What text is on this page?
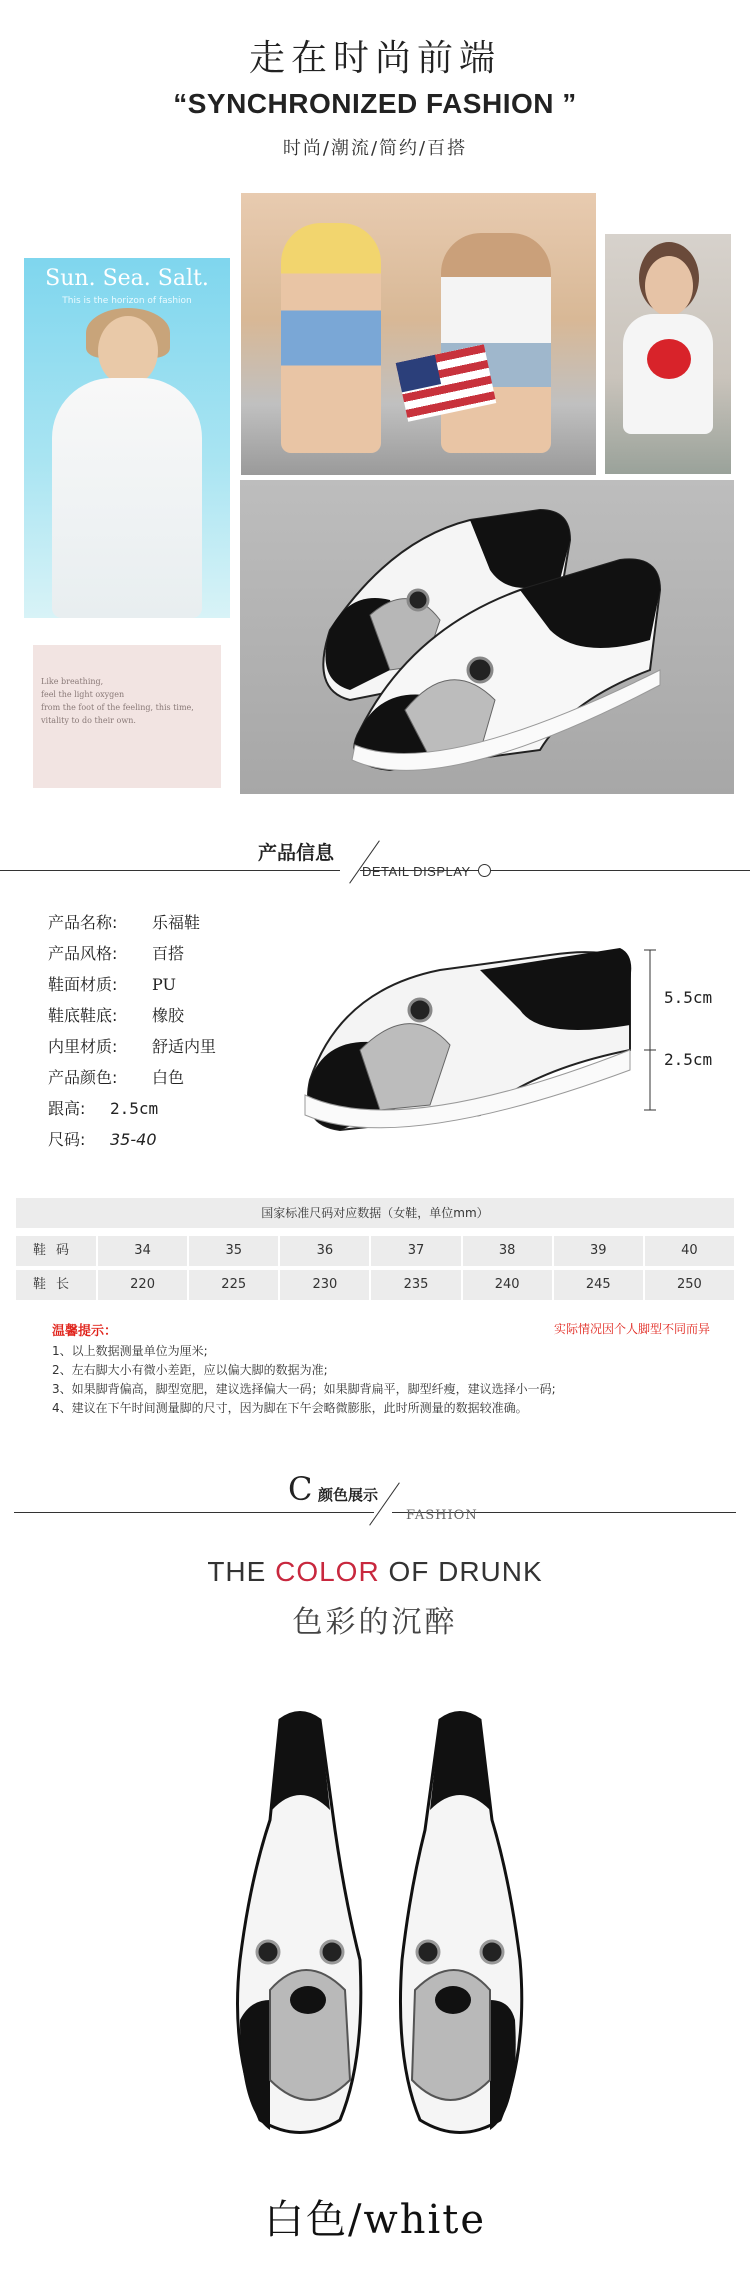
走在时尚前端
“SYNCHRONIZED FASHION ”
时尚/潮流/简约/百搭
Sun. Sea. Salt.
This is the horizon of fashion
Like breathing,
feel the light oxygen
from the foot of the feeling, this time,
vitality to do their own.
产品信息
DETAIL DISPLAY
产品名称: 乐福鞋
产品风格: 百搭
鞋面材质: PU
鞋底鞋底: 橡胶
内里材质: 舒适内里
产品颜色: 白色
跟高: 2.5cm
尺码: 35-40
5.5cm
2.5cm
国家标准尺码对应数据（女鞋，单位mm）
鞋码	34	35	36	37	38	39	40
鞋长	220	225	230	235	240	245	250
温馨提示：	实际情况因个人脚型不同而异
1、以上数据测量单位为厘米;
2、左右脚大小有微小差距，应以偏大脚的数据为准;
3、如果脚背偏高，脚型宽肥，建议选择偏大一码；如果脚背扁平，脚型纤瘦，建议选择小一码;
4、建议在下午时间测量脚的尺寸，因为脚在下午会略微膨胀，此时所测量的数据较准确。
C 颜色展示
FASHION
THE COLOR OF DRUNK
色彩的沉醉
白色/white
